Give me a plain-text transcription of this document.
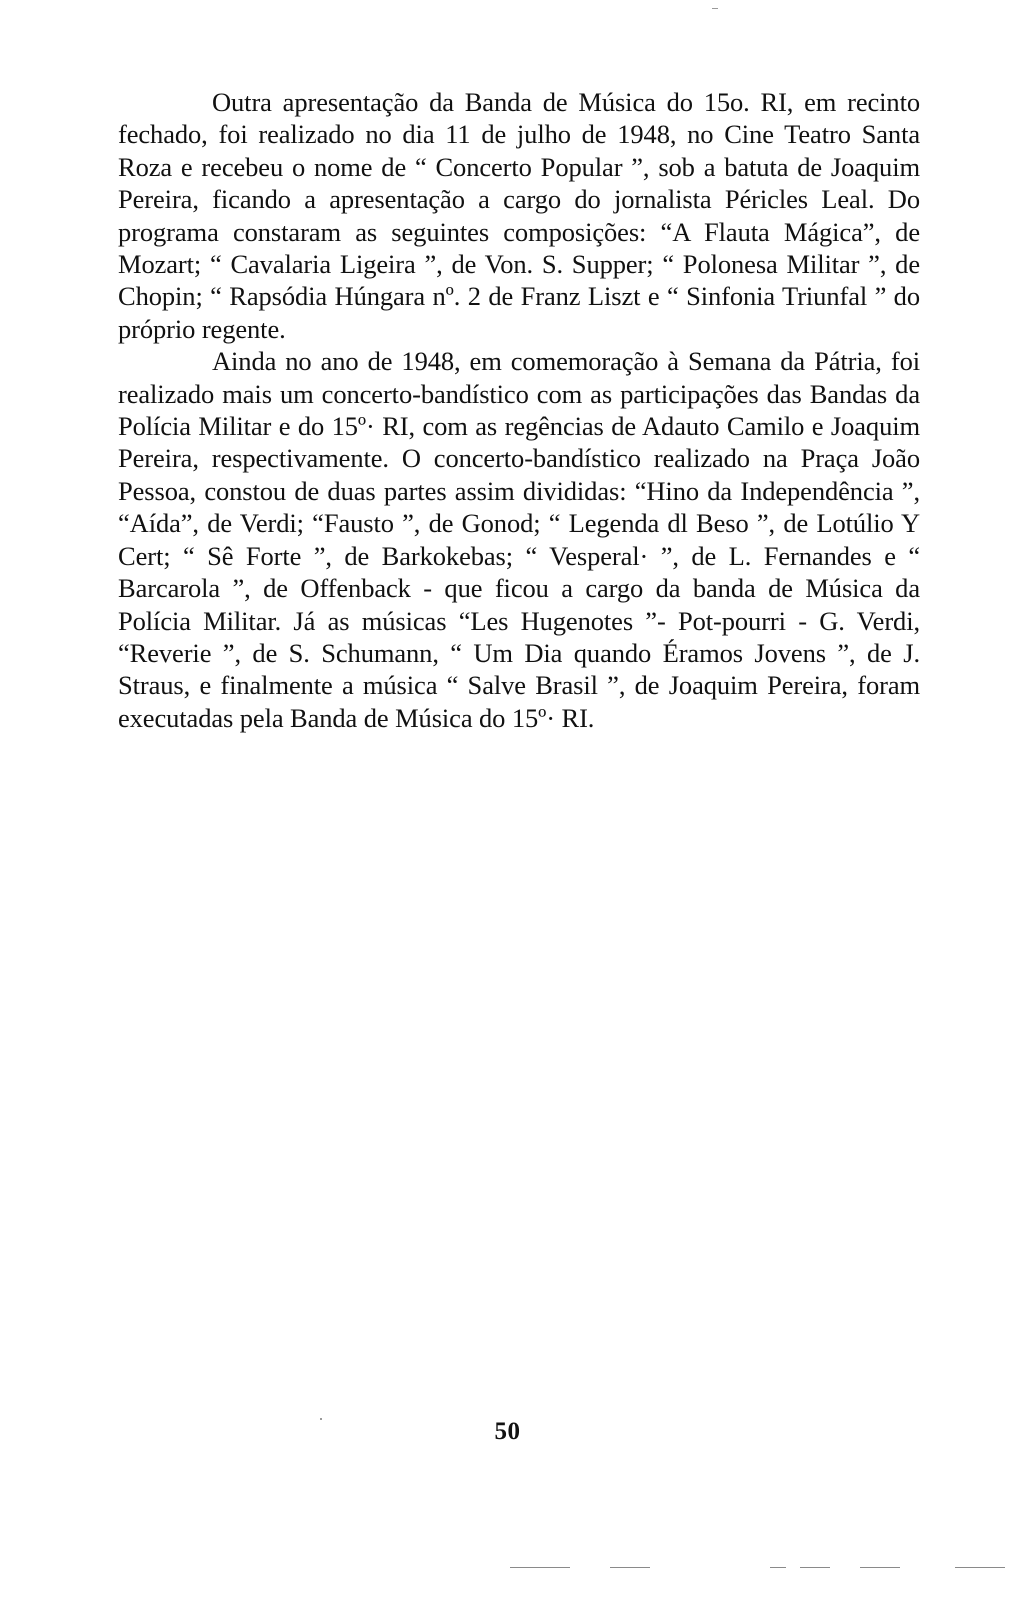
Outra apresentação da Banda de Música do 15o. RI, em recinto fechado, foi realizado no dia 11 de julho de 1948, no Cine Teatro Santa Roza e recebeu o nome de “ Concerto Popular ”, sob a batuta de Joaquim Pereira, ficando a apresentação a cargo do jornalista Péricles Leal. Do programa constaram as seguintes composições: “A Flauta Mágica”, de Mozart; “ Cavalaria Ligeira ”, de Von. S. Supper; “ Polonesa Militar ”, de Chopin; “ Rapsódia Húngara nº. 2 de Franz Liszt e “ Sinfonia Triunfal ” do próprio regente.

Ainda no ano de 1948, em comemoração à Semana da Pátria, foi realizado mais um concerto-bandístico com as participações das Bandas da Polícia Militar e do 15º· RI, com as regências de Adauto Camilo e Joaquim Pereira, respectivamente. O concerto-bandístico realizado na Praça João Pessoa, constou de duas partes assim divididas: “Hino da Independência ”, “Aída”, de Verdi; “Fausto ”, de Gonod; “ Legenda dl Beso ”, de Lotúlio Y Cert; “ Sê Forte ”, de Barkokebas; “ Vesperal· ”, de L. Fernandes e “ Barcarola ”, de Offenback - que ficou a cargo da banda de Música da Polícia Militar. Já as músicas “Les Hugenotes ”- Pot-pourri - G. Verdi, “Reverie ”, de S. Schumann, “ Um Dia quando Éramos Jovens ”, de J. Straus, e finalmente a música “ Salve Brasil ”, de Joaquim Pereira, foram executadas pela Banda de Música do 15º· RI.

50
